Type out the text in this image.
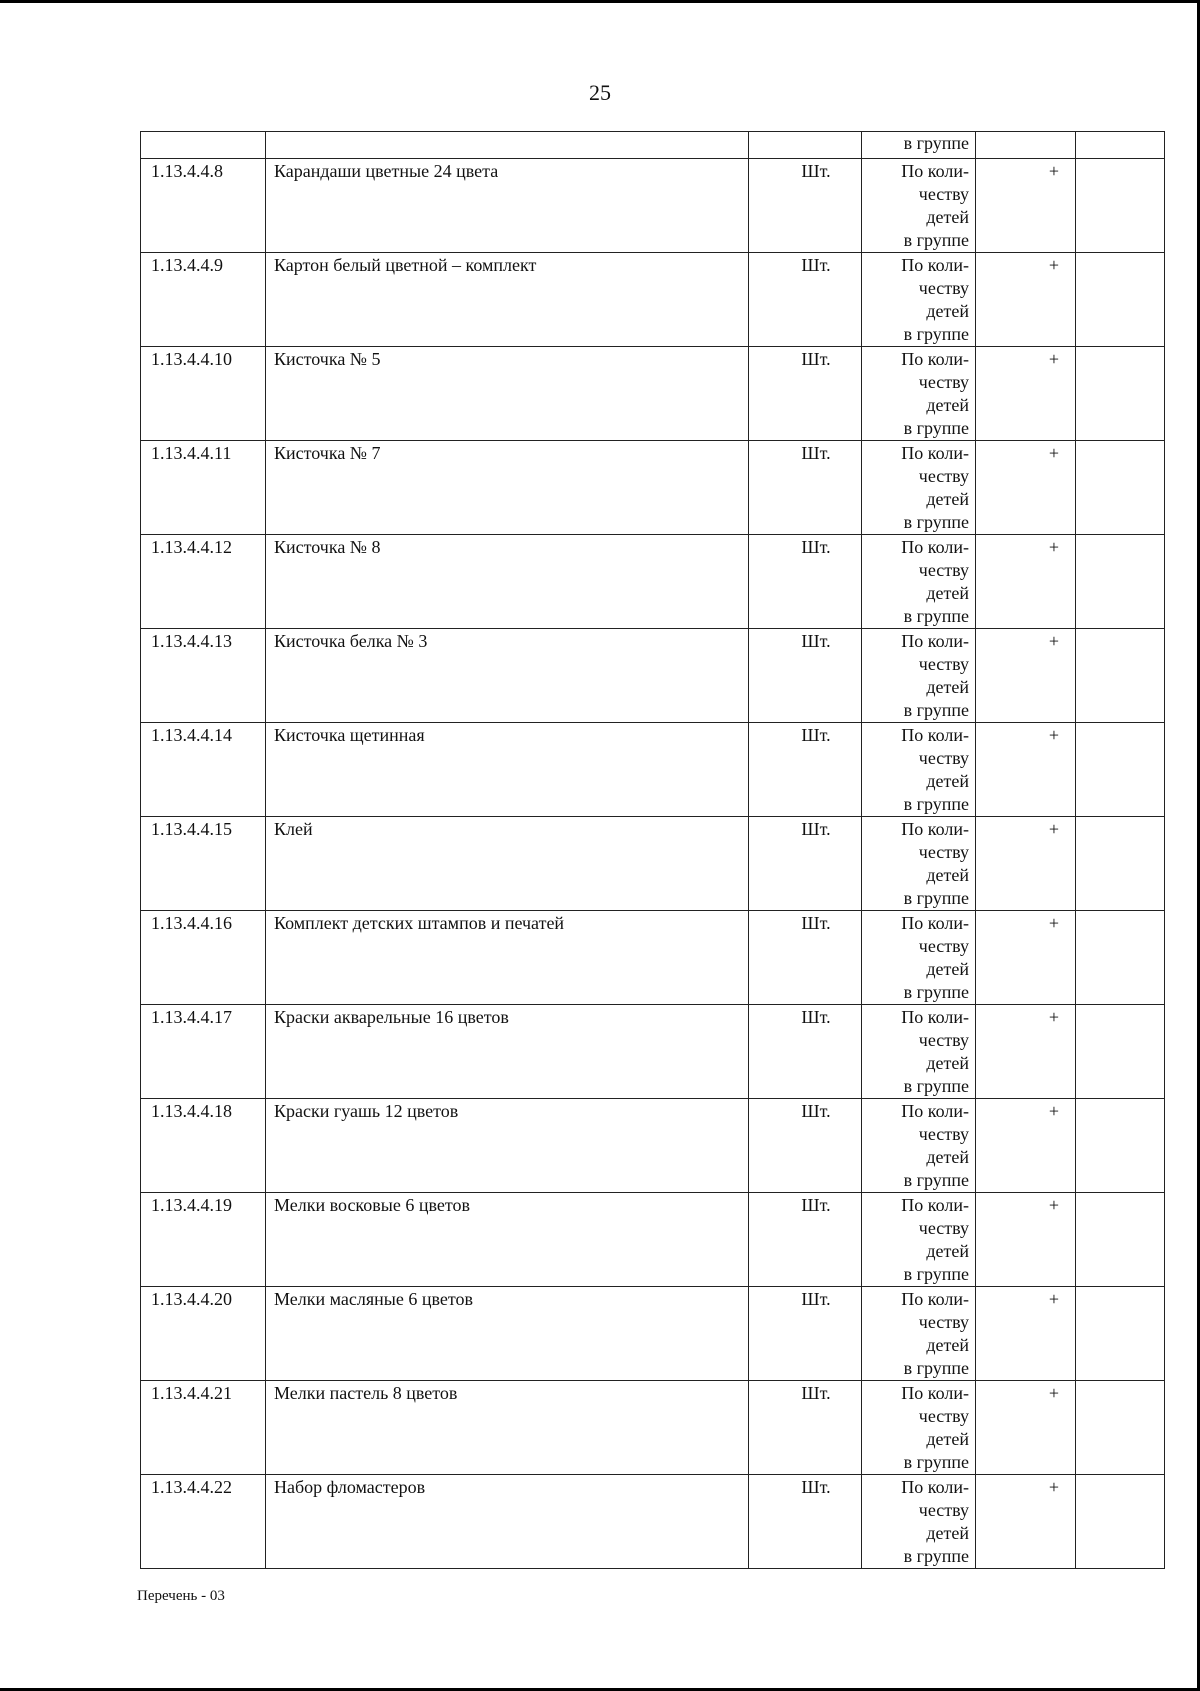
25
			в группе		
1.13.4.4.8	Карандаши цветные 24 цвета	Шт.	По коли-
честву
детей
в группе	+	
1.13.4.4.9	Картон белый цветной – комплект	Шт.	По коли-
честву
детей
в группе	+	
1.13.4.4.10	Кисточка № 5	Шт.	По коли-
честву
детей
в группе	+	
1.13.4.4.11	Кисточка № 7	Шт.	По коли-
честву
детей
в группе	+	
1.13.4.4.12	Кисточка № 8	Шт.	По коли-
честву
детей
в группе	+	
1.13.4.4.13	Кисточка белка № 3	Шт.	По коли-
честву
детей
в группе	+	
1.13.4.4.14	Кисточка щетинная	Шт.	По коли-
честву
детей
в группе	+	
1.13.4.4.15	Клей	Шт.	По коли-
честву
детей
в группе	+	
1.13.4.4.16	Комплект детских штампов и печатей	Шт.	По коли-
честву
детей
в группе	+	
1.13.4.4.17	Краски акварельные 16 цветов	Шт.	По коли-
честву
детей
в группе	+	
1.13.4.4.18	Краски гуашь 12 цветов	Шт.	По коли-
честву
детей
в группе	+	
1.13.4.4.19	Мелки восковые 6 цветов	Шт.	По коли-
честву
детей
в группе	+	
1.13.4.4.20	Мелки масляные 6 цветов	Шт.	По коли-
честву
детей
в группе	+	
1.13.4.4.21	Мелки пастель 8 цветов	Шт.	По коли-
честву
детей
в группе	+	
1.13.4.4.22	Набор фломастеров	Шт.	По коли-
честву
детей
в группе	+	
Перечень - 03
